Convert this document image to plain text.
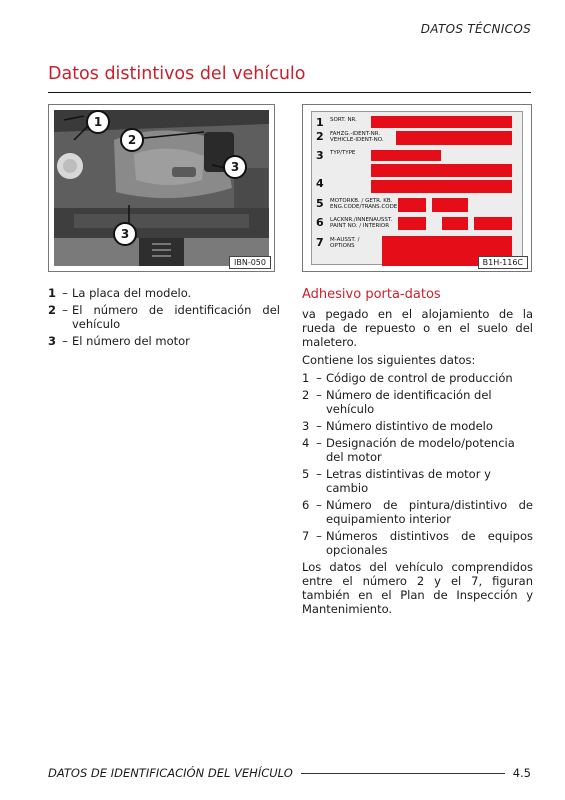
DATOS TÉCNICOS
Datos distintivos del vehículo
1
2
3
3
IBN-050
1 SORT. NR.
2 FAHZG.-IDENT-NR. VEHICLE-IDENT-NO.
3 TYP/TYPE
4
5 MOTORKB. / GETR. KB. ENG.CODE/TRANS.CODE
6 LACKNR./INNENAUSST. PAINT NO. / INTERIOR
7 M-AUSST. / OPTIONS
B1H-116C
1 – La placa del modelo.
2 – El número de identificación del vehículo
3 – El número del motor
Adhesivo porta-datos

va pegado en el alojamiento de la rueda de repuesto o en el suelo del maletero.

Contiene los siguientes datos:

1 – Código de control de producción
2 – Número de identificación del vehículo
3 – Número distintivo de modelo
4 – Designación de modelo/potencia del motor
5 – Letras distintivas de motor y cambio
6 – Número de pintura/distintivo de equipamiento interior
7 – Números distintivos de equipos opcionales

Los datos del vehículo comprendidos entre el número 2 y el 7, figuran también en el Plan de Inspección y Mantenimiento.

DATOS DE IDENTIFICACIÓN DEL VEHÍCULO	4.5
